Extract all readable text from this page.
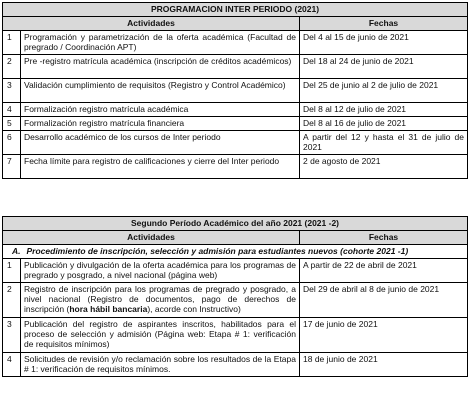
PROGRAMACION INTER PERIODO (2021)		
Actividades		Fechas
1	Programación y parametrización de la oferta académica (Facultad de pregrado / Coordinación APT)	Del 4 al 15 de junio de 2021
2	Pre -registro matrícula académica (inscripción de créditos académicos)	Del 18 al 24 de junio de 2021
3	Validación cumplimiento de requisitos (Registro y Control Académico)	Del 25 de junio al 2 de julio de 2021
4	Formalización registro matrícula académica	Del 8 al 12 de julio de 2021
5	Formalización registro matrícula financiera	Del 8 al 16 de julio de 2021
6	Desarrollo académico de los cursos de Inter periodo	A partir del 12 y hasta el 31 de julio de 2021
7	Fecha límite para registro de calificaciones y cierre del Inter periodo	2 de agosto de 2021
Segundo Período Académico del año 2021 (2021 -2)		
Actividades		Fechas
A. Procedimiento de inscripción, selección y admisión para estudiantes nuevos (cohorte 2021 -1)		
1	Publicación y divulgación de la oferta académica para los programas de pregrado y posgrado, a nivel nacional (página web)	A partir de 22 de abril de 2021
2	Registro de inscripción para los programas de pregrado y posgrado, a nivel nacional (Registro de documentos, pago de derechos de inscripción (hora hábil bancaria), acorde con Instructivo)	Del 29 de abril al 8 de junio de 2021
3	Publicación del registro de aspirantes inscritos, habilitados para el proceso de selección y admisión (Página web: Etapa # 1: verificación de requisitos mínimos)	17 de junio de 2021
4	Solicitudes de revisión y/o reclamación sobre los resultados de la Etapa # 1: verificación de requisitos mínimos.	18 de junio de 2021
